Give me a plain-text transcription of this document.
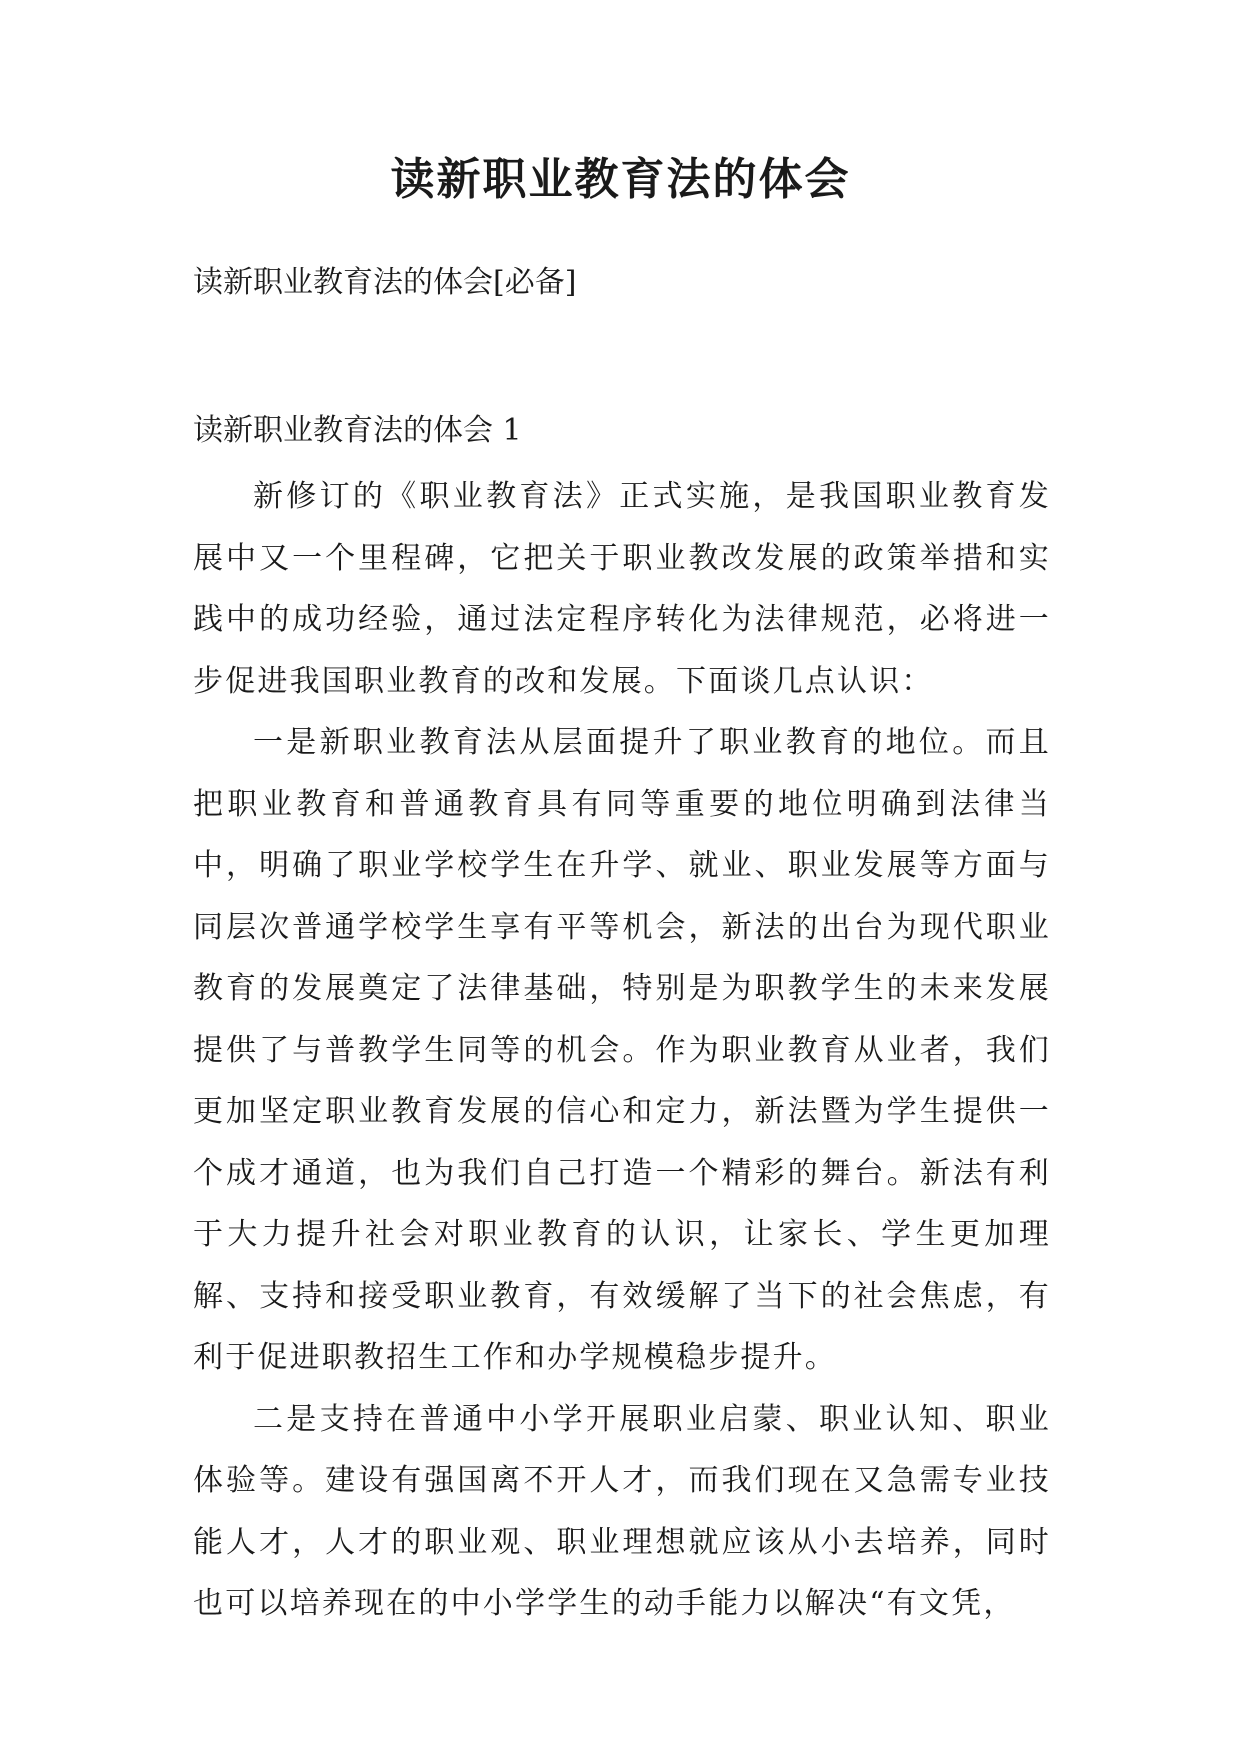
读新职业教育法的体会

读新职业教育法的体会[必备]

读新职业教育法的体会 1

新修订的《职业教育法》正式实施，是我国职业教育发展中又一个里程碑，它把关于职业教改发展的政策举措和实践中的成功经验，通过法定程序转化为法律规范，必将进一步促进我国职业教育的改和发展。下面谈几点认识：

一是新职业教育法从层面提升了职业教育的地位。而且把职业教育和普通教育具有同等重要的地位明确到法律当中，明确了职业学校学生在升学、就业、职业发展等方面与同层次普通学校学生享有平等机会，新法的出台为现代职业教育的发展奠定了法律基础，特别是为职教学生的未来发展提供了与普教学生同等的机会。作为职业教育从业者，我们更加坚定职业教育发展的信心和定力，新法暨为学生提供一个成才通道，也为我们自己打造一个精彩的舞台。新法有利于大力提升社会对职业教育的认识，让家长、学生更加理解、支持和接受职业教育，有效缓解了当下的社会焦虑，有利于促进职教招生工作和办学规模稳步提升。

二是支持在普通中小学开展职业启蒙、职业认知、职业体验等。建设有强国离不开人才，而我们现在又急需专业技能人才，人才的职业观、职业理想就应该从小去培养，同时也可以培养现在的中小学学生的动手能力以解决“有文凭，
